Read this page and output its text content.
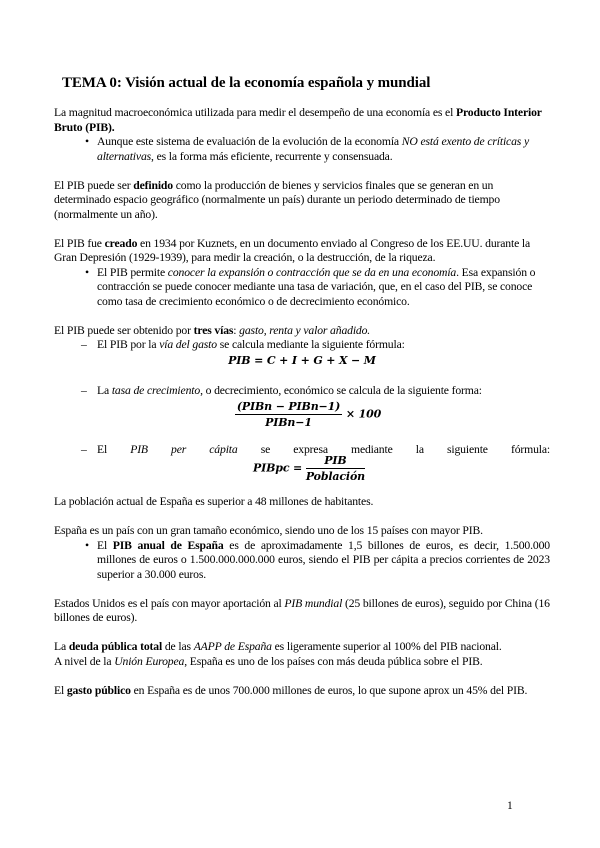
TEMA 0: Visión actual de la economía española y mundial

La magnitud macroeconómica utilizada para medir el desempeño de una economía es el Producto Interior Bruto (PIB).

• Aunque este sistema de evaluación de la evolución de la economía NO está exento de críticas y alternativas, es la forma más eficiente, recurrente y consensuada.

El PIB puede ser definido como la producción de bienes y servicios finales que se generan en un determinado espacio geográfico (normalmente un país) durante un periodo determinado de tiempo (normalmente un año).

El PIB fue creado en 1934 por Kuznets, en un documento enviado al Congreso de los EE.UU. durante la Gran Depresión (1929-1939), para medir la creación, o la destrucción, de la riqueza.

• El PIB permite conocer la expansión o contracción que se da en una economía. Esa expansión o contracción se puede conocer mediante una tasa de variación, que, en el caso del PIB, se conoce como tasa de crecimiento económico o de decrecimiento económico.

El PIB puede ser obtenido por tres vías: gasto, renta y valor añadido.

– El PIB por la vía del gasto se calcula mediante la siguiente fórmula:
PIB = C + I + G + X − M
– La tasa de crecimiento, o decrecimiento, económico se calcula de la siguiente forma:
$\frac{\text{(PIBn − PIBn−1)}}{\text{PIBn−1}} \times 100$
– El PIB per cápita se expresa mediante la siguiente fórmula:
PIBpc = $\frac{\text{PIB}}{\text{Población}}$

La población actual de España es superior a 48 millones de habitantes.

España es un país con un gran tamaño económico, siendo uno de los 15 países con mayor PIB.

• El PIB anual de España es de aproximadamente 1,5 billones de euros, es decir, 1.500.000 millones de euros o 1.500.000.000.000 euros, siendo el PIB per cápita a precios corrientes de 2023 superior a 30.000 euros.

Estados Unidos es el país con mayor aportación al PIB mundial (25 billones de euros), seguido por China (16 billones de euros).

La deuda pública total de las AAPP de España es ligeramente superior al 100% del PIB nacional.

A nivel de la Unión Europea, España es uno de los países con más deuda pública sobre el PIB.

El gasto público en España es de unos 700.000 millones de euros, lo que supone aprox un 45% del PIB.

1
